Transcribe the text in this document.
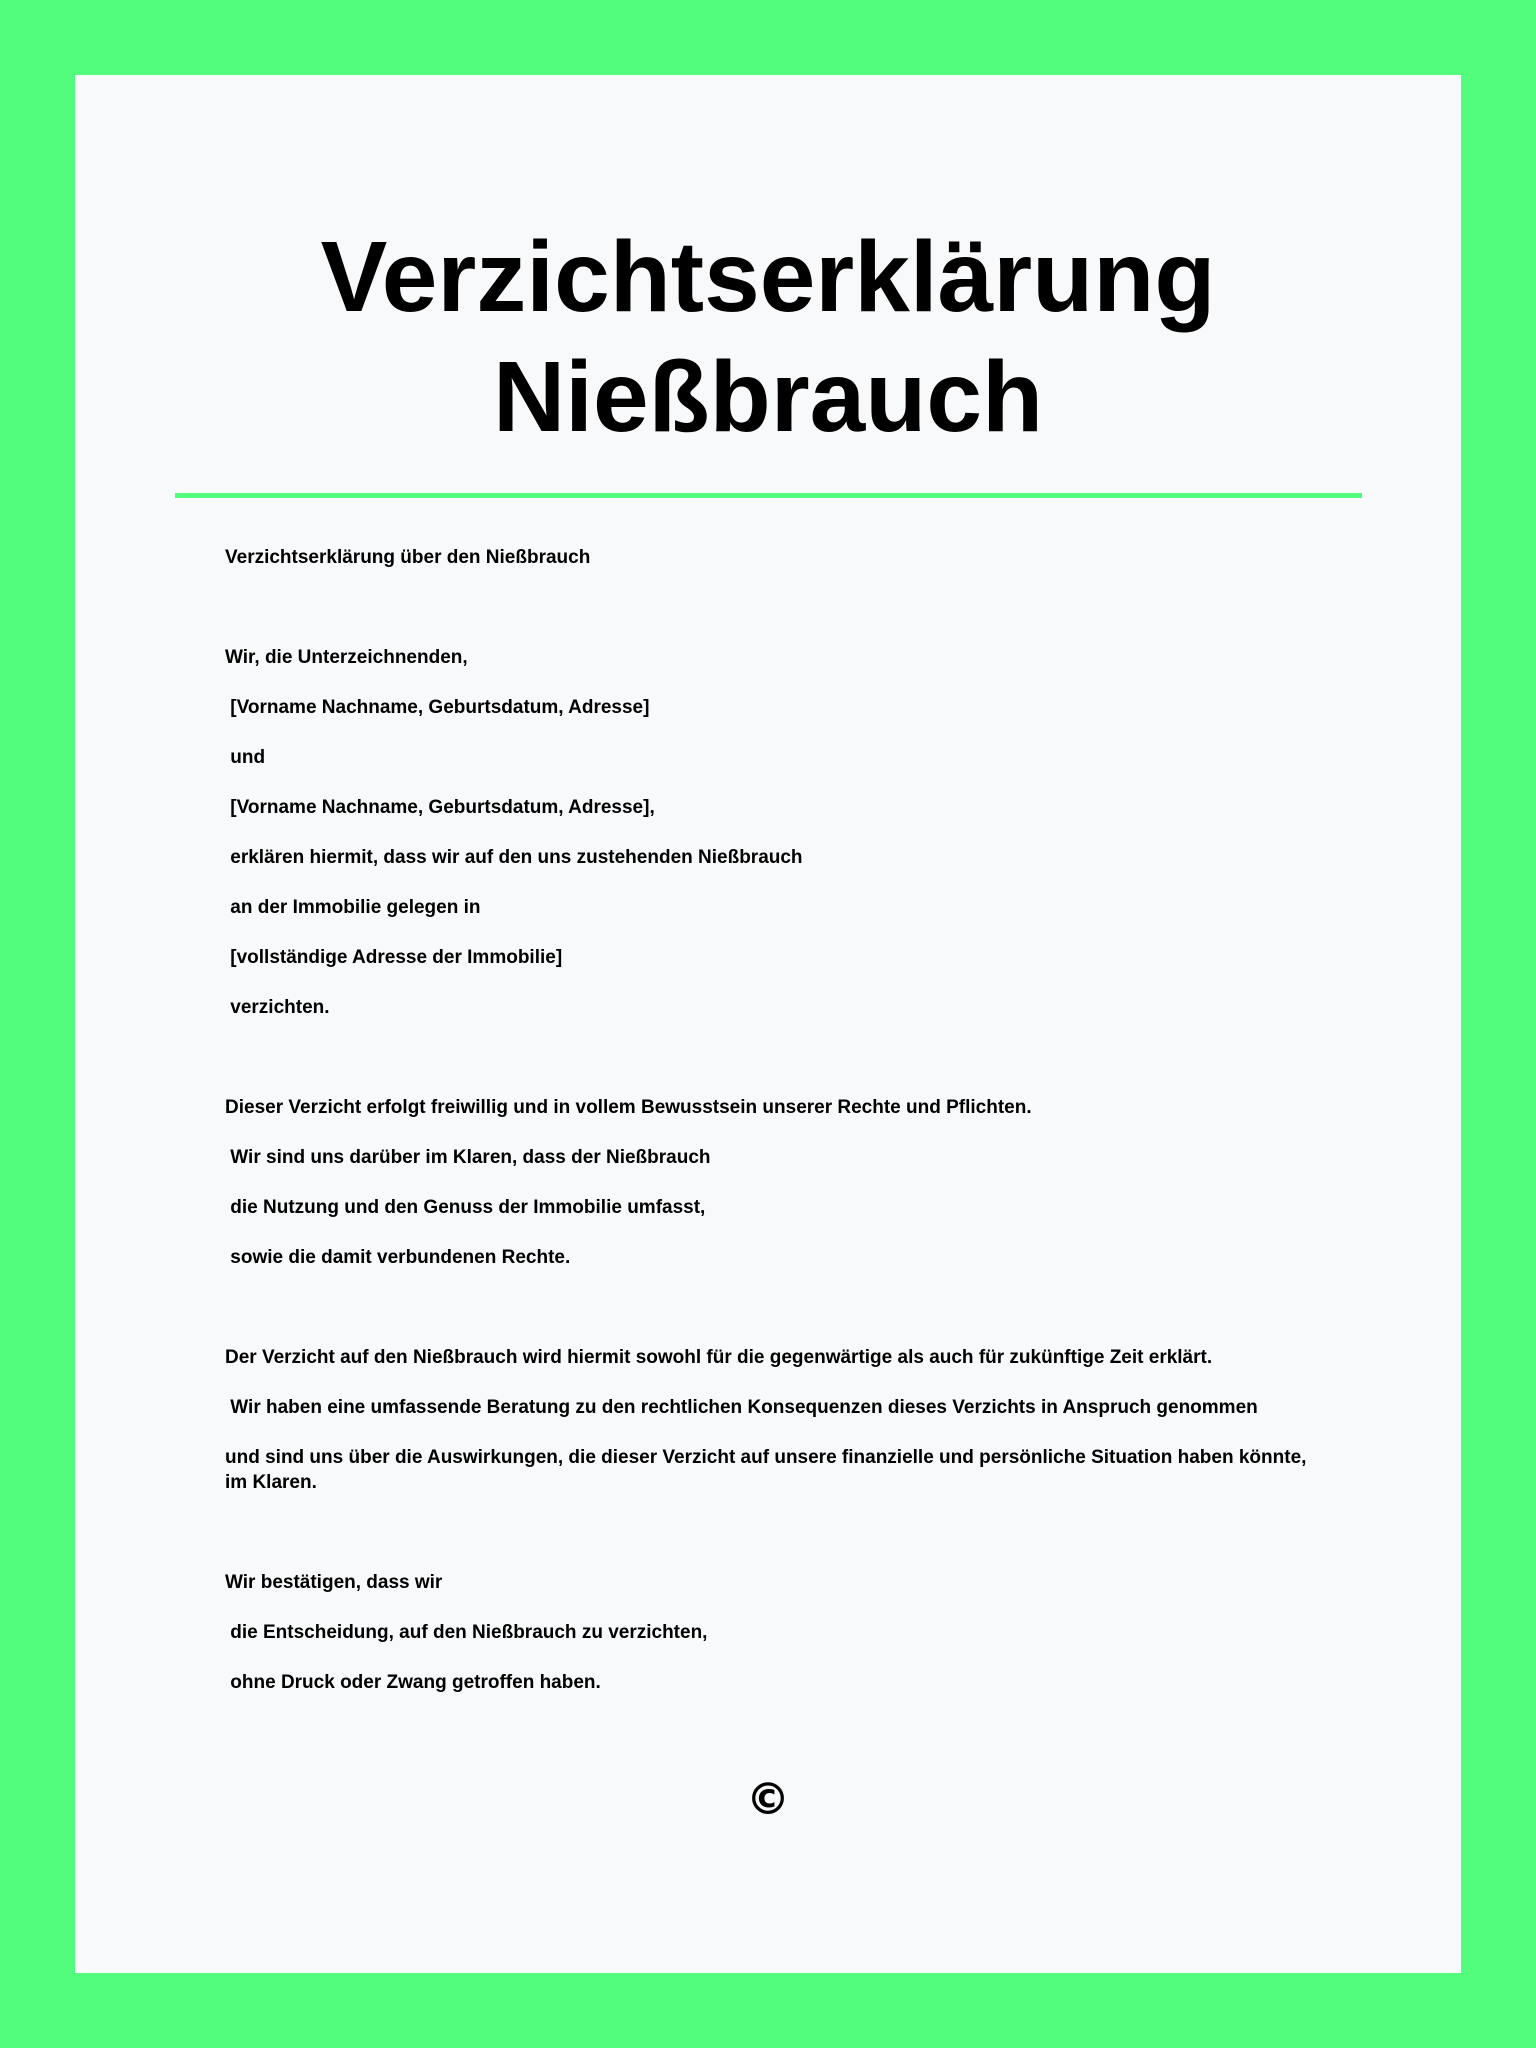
Verzichtserklärung
Nießbrauch

Verzichtserklärung über den Nießbrauch

Wir, die Unterzeichnenden,

[Vorname Nachname, Geburtsdatum, Adresse]

und

[Vorname Nachname, Geburtsdatum, Adresse],

erklären hiermit, dass wir auf den uns zustehenden Nießbrauch

an der Immobilie gelegen in

[vollständige Adresse der Immobilie]

verzichten.

Dieser Verzicht erfolgt freiwillig und in vollem Bewusstsein unserer Rechte und Pflichten.

Wir sind uns darüber im Klaren, dass der Nießbrauch

die Nutzung und den Genuss der Immobilie umfasst,

sowie die damit verbundenen Rechte.

Der Verzicht auf den Nießbrauch wird hiermit sowohl für die gegenwärtige als auch für zukünftige Zeit erklärt.

Wir haben eine umfassende Beratung zu den rechtlichen Konsequenzen dieses Verzichts in Anspruch genommen

und sind uns über die Auswirkungen, die dieser Verzicht auf unsere finanzielle und persönliche Situation haben könnte, im Klaren.

Wir bestätigen, dass wir

die Entscheidung, auf den Nießbrauch zu verzichten,

ohne Druck oder Zwang getroffen haben.

©
